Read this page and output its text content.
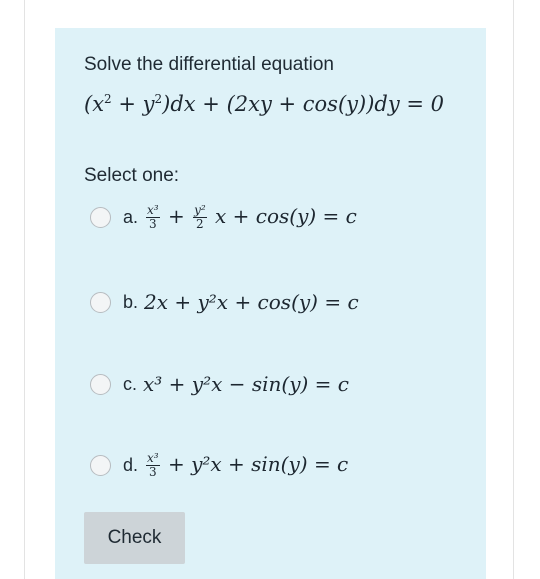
Solve the differential equation
$(x^2 + y^2)dx + (2xy + \cos(y))dy = 0$
Select one:
a. $\frac{\text{x³}}{3} + \frac{\text{y²}}{2}$ x + cos(y) = c
b. 2x + y²x + cos(y) = c
c. x³ + y²x − sin(y) = c
d. $\frac{\text{x³}}{3} + y^2x + \sin(y) = c$
Check
